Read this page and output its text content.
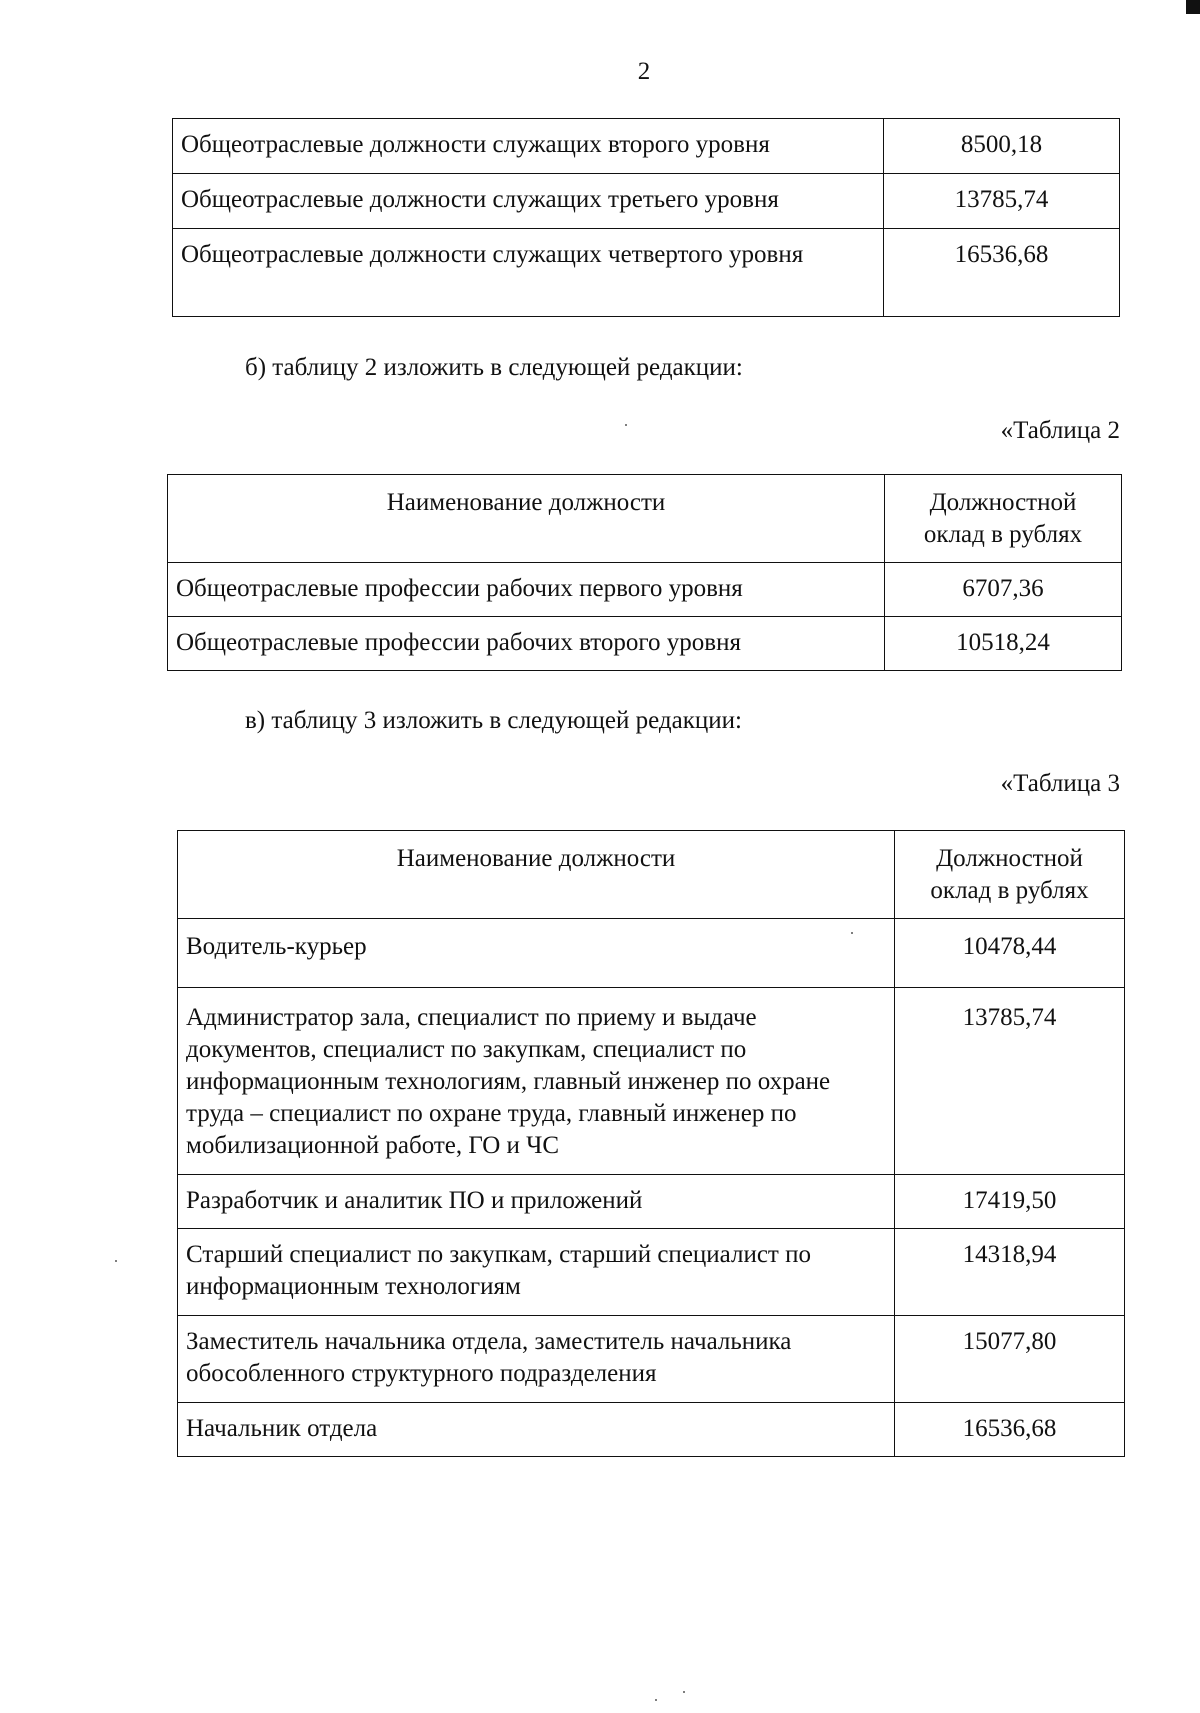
2
Общеотраслевые должности служащих второго уровня	8500,18
Общеотраслевые должности служащих третьего уровня	13785,74
Общеотраслевые должности служащих четвертого уровня	16536,68
б) таблицу 2 изложить в следующей редакции:
«Таблица 2
Наименование должности	Должностной оклад в рублях
Общеотраслевые профессии рабочих первого уровня	6707,36
Общеотраслевые профессии рабочих второго уровня	10518,24
в) таблицу 3 изложить в следующей редакции:
«Таблица 3
Наименование должности	Должностной оклад в рублях
Водитель-курьер	10478,44
Администратор зала, специалист по приему и выдаче документов, специалист по закупкам, специалист по информационным технологиям, главный инженер по охране труда – специалист по охране труда, главный инженер по мобилизационной работе, ГО и ЧС	13785,74
Разработчик и аналитик ПО и приложений	17419,50
Старший специалист по закупкам, старший специалист по информационным технологиям	14318,94
Заместитель начальника отдела, заместитель начальника обособленного структурного подразделения	15077,80
Начальник отдела	16536,68
